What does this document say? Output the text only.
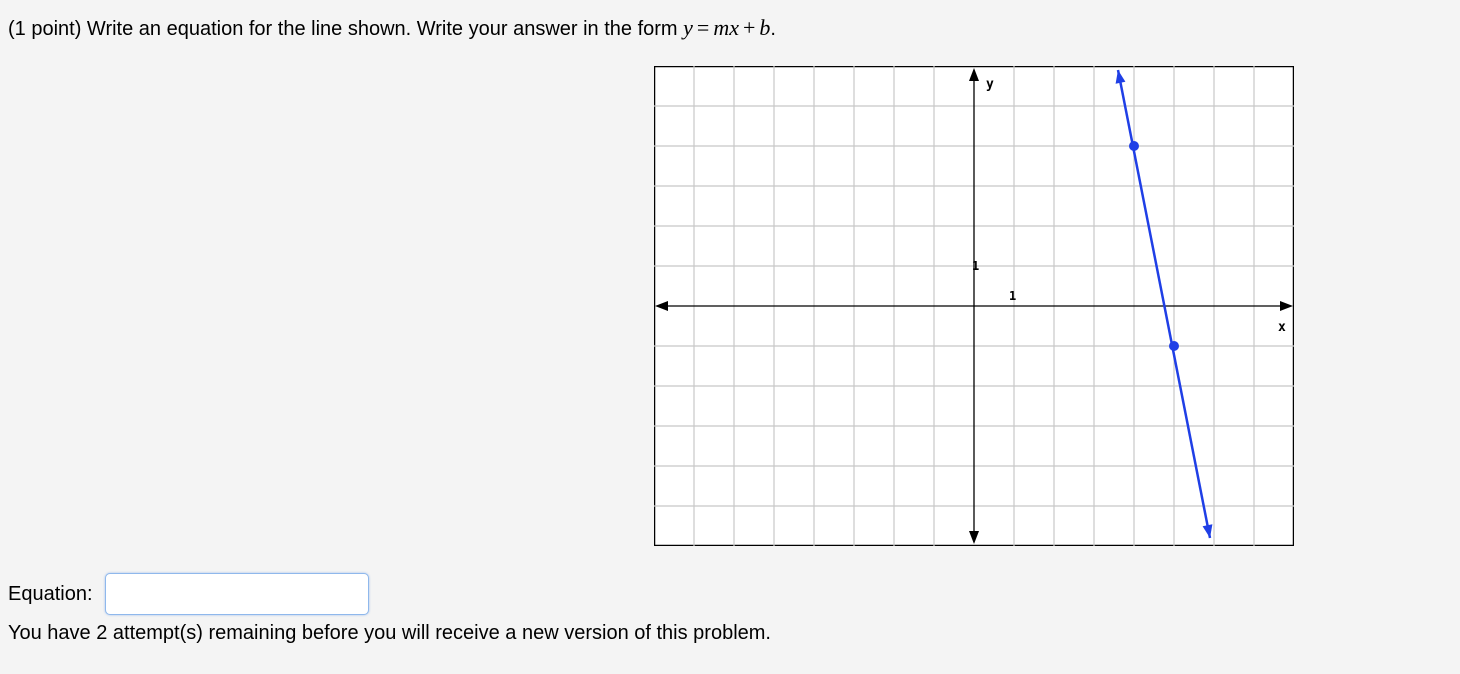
(1 point) Write an equation for the line shown. Write your answer in the form y = mx + b.
y
x
1
1
Equation:
You have 2 attempt(s) remaining before you will receive a new version of this problem.
